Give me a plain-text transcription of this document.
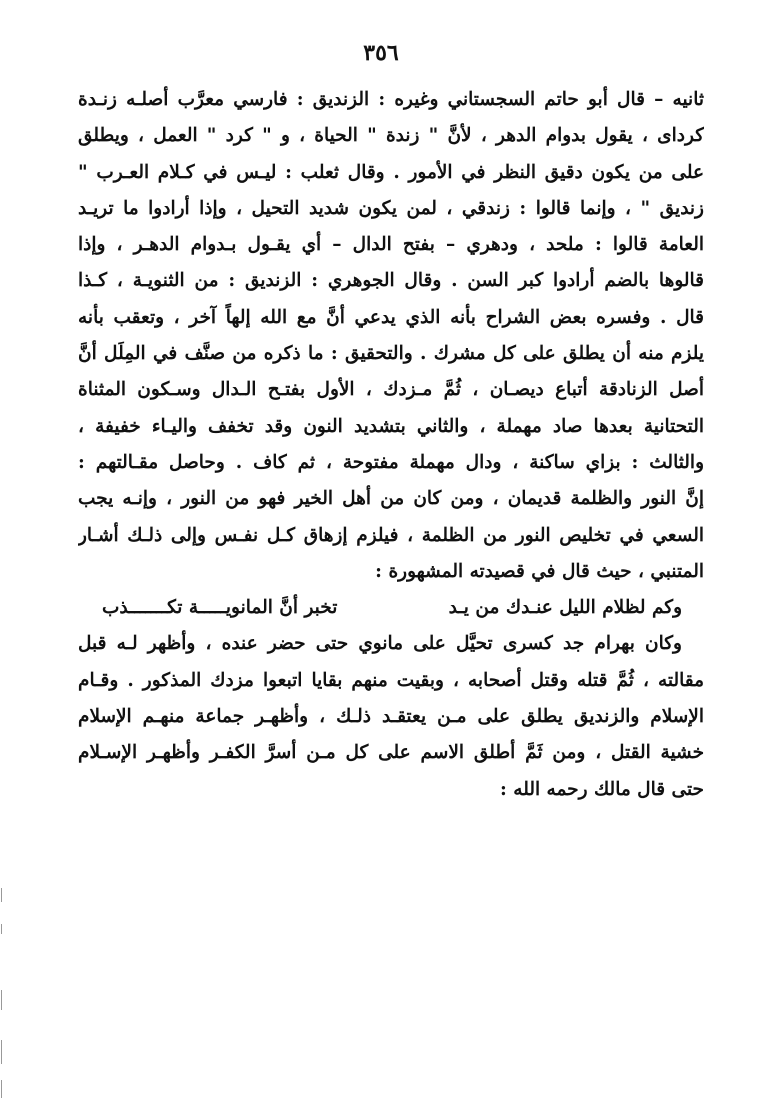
٣٥٦
ثانيه – قال أبو حاتم السجستاني وغيره : الزنديق : فارسي معرَّب أصلـه زنـدة
كرداى ، يقول بدوام الدهر ، لأنَّ " زندة " الحياة ، و " كرد " العمل ، ويطلق
على من يكون دقيق النظر في الأمور . وقال ثعلب : ليـس في كـلام العـرب "
زنديق " ، وإنما قالوا : زندقي ، لمن يكون شديد التحيل ، وإذا أرادوا ما تريـد
العامة قالوا : ملحد ، ودهري – بفتح الدال – أي يقـول بـدوام الدهـر ، وإذا
قالوها بالضم أرادوا كبر السن . وقال الجوهري : الزنديق : من الثنويـة ، كـذا
قال . وفسره بعض الشراح بأنه الذي يدعي أنَّ مع الله إلهاً آخر ، وتعقب بأنه
يلزم منه أن يطلق على كل مشرك . والتحقيق : ما ذكره من صنَّف في المِلَل أنَّ
أصل الزنادقة أتباع ديصـان ، ثُمَّ مـزدك ، الأول بفتـح الـدال وسـكون المثناة
التحتانية بعدها صاد مهملة ، والثاني بتشديد النون وقد تخفف واليـاء خفيفة ،
والثالث : بزاي ساكنة ، ودال مهملة مفتوحة ، ثم كاف . وحاصل مقـالتهم :
إنَّ النور والظلمة قديمان ، ومن كان من أهل الخير فهو من النور ، وإنـه يجب
السعي في تخليص النور من الظلمة ، فيلزم إزهاق كـل نفـس وإلى ذلـك أشـار
المتنبي ، حيث قال في قصيدته المشهورة :
وكم لظلام الليل عنـدك من يـد
تخبر أنَّ المانويـــــة تكـــــــذب
وكان بهرام جد كسرى تحيَّل على مانوي حتى حضر عنده ، وأظهر لـه قبل
مقالته ، ثُمَّ قتله وقتل أصحابه ، وبقيت منهم بقايا اتبعوا مزدك المذكور . وقـام
الإسلام والزنديق يطلق على مـن يعتقـد ذلـك ، وأظهـر جماعة منهـم الإسلام
خشية القتل ، ومن ثَمَّ أطلق الاسم على كل مـن أسرَّ الكفـر وأظهـر الإسـلام
حتى قال مالك رحمه الله :
